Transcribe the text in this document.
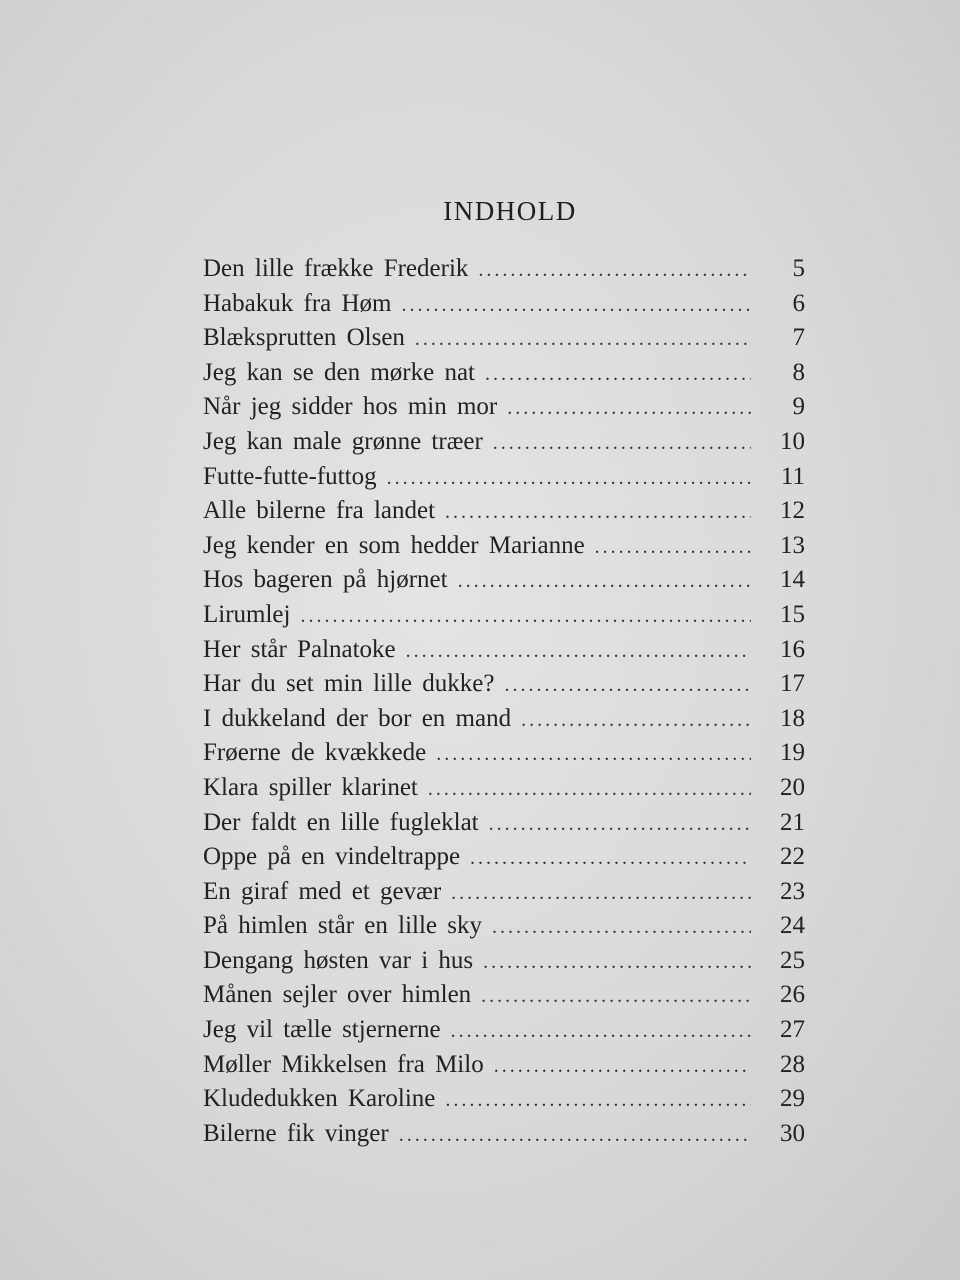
INDHOLD
Den lille frække Frederik .....	5
Habakuk fra Høm .....	6
Blæksprutten Olsen .....	7
Jeg kan se den mørke nat .....	8
Når jeg sidder hos min mor .....	9
Jeg kan male grønne træer .....	10
Futte-futte-futtog .....	11
Alle bilerne fra landet .....	12
Jeg kender en som hedder Marianne .....	13
Hos bageren på hjørnet .....	14
Lirumlej .....	15
Her står Palnatoke .....	16
Har du set min lille dukke? .....	17
I dukkeland der bor en mand .....	18
Frøerne de kvækkede .....	19
Klara spiller klarinet .....	20
Der faldt en lille fugleklat .....	21
Oppe på en vindeltrappe .....	22
En giraf med et gevær .....	23
På himlen står en lille sky .....	24
Dengang høsten var i hus .....	25
Månen sejler over himlen .....	26
Jeg vil tælle stjernerne .....	27
Møller Mikkelsen fra Milo .....	28
Kludedukken Karoline .....	29
Bilerne fik vinger .....	30
